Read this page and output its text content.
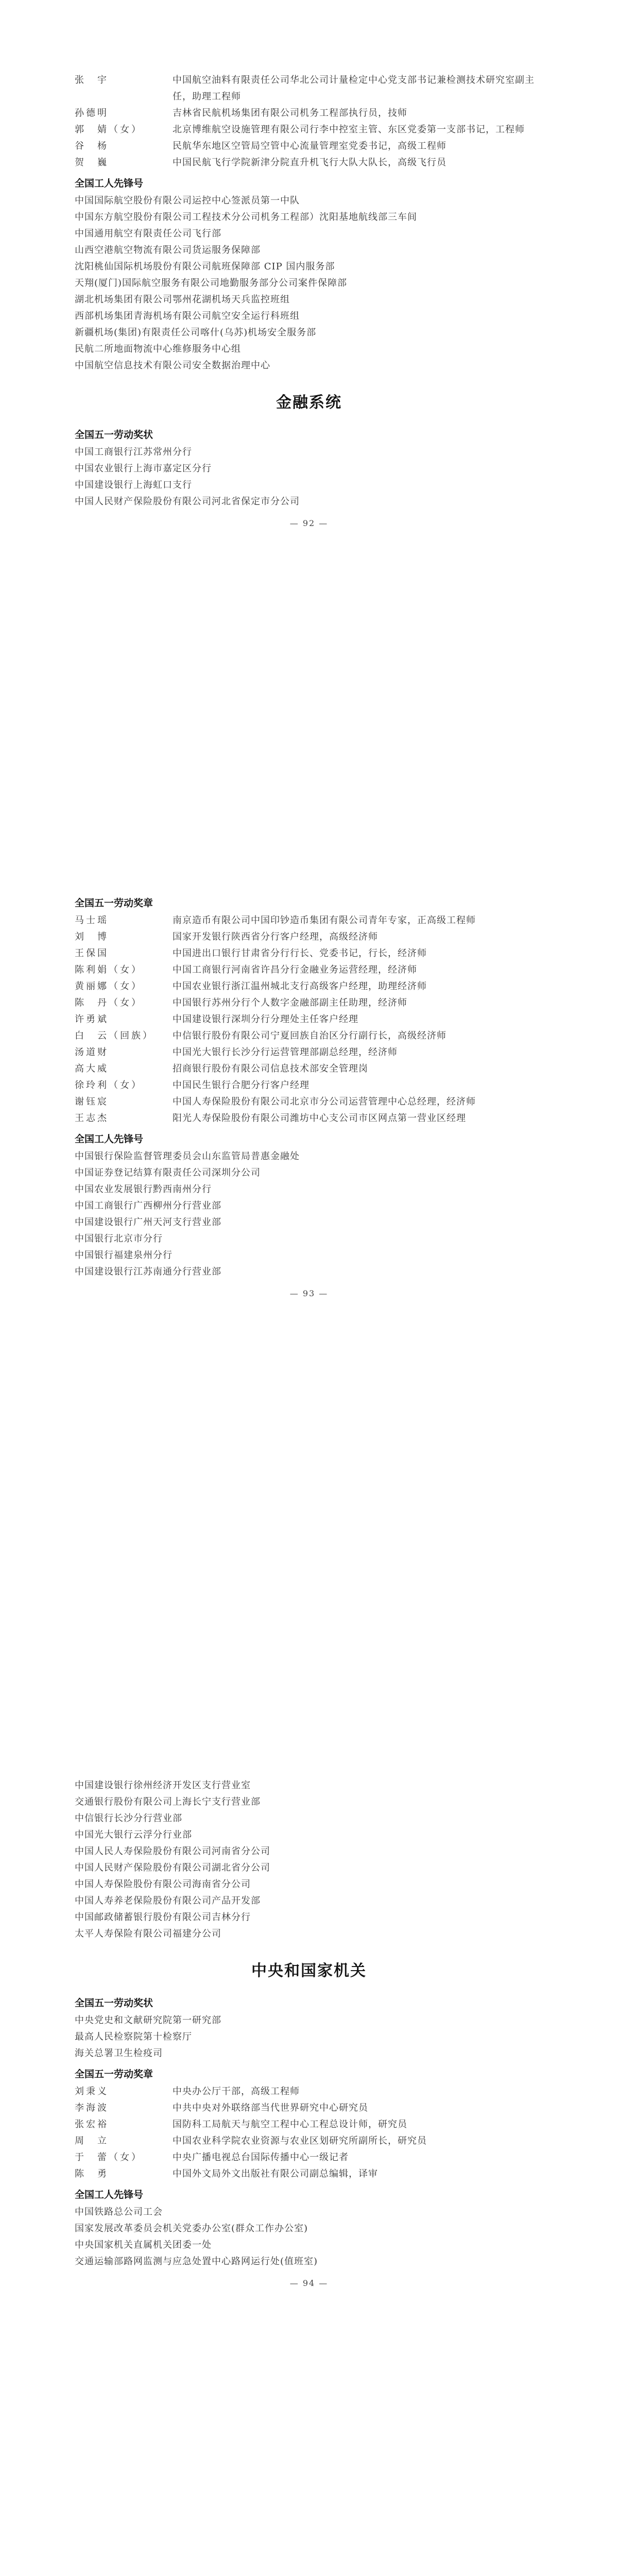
张　宇	中国航空油料有限责任公司华北公司计量检定中心党支部书记兼检测技术研究室副主任，助理工程师
孙德明	吉林省民航机场集团有限公司机务工程部执行员，技师
郭　婧（女）	北京博维航空设施管理有限公司行李中控室主管、东区党委第一支部书记，工程师
谷　杨	民航华东地区空管局空管中心流量管理室党委书记，高级工程师
贺　巍	中国民航飞行学院新津分院直升机飞行大队大队长，高级飞行员
全国工人先锋号
中国国际航空股份有限公司运控中心签派员第一中队
中国东方航空股份有限公司工程技术分公司机务工程部）沈阳基地航线部三车间
中国通用航空有限责任公司飞行部
山西空港航空物流有限公司货运服务保障部
沈阳桃仙国际机场股份有限公司航班保障部 CIP 国内服务部
天翔(厦门)国际航空服务有限公司地勤服务部分公司案件保障部
湖北机场集团有限公司鄂州花湖机场天兵监控班组
西部机场集团青海机场有限公司航空安全运行科班组
新疆机场(集团)有限责任公司喀什(乌苏)机场安全服务部
民航二所地面物流中心维修服务中心组
中国航空信息技术有限公司安全数据治理中心
金融系统
全国五一劳动奖状
中国工商银行江苏常州分行
中国农业银行上海市嘉定区分行
中国建设银行上海虹口支行
中国人民财产保险股份有限公司河北省保定市分公司
— 92 —
全国五一劳动奖章
马士瑶	南京造币有限公司中国印钞造币集团有限公司青年专家，正高级工程师
刘　博	国家开发银行陕西省分行客户经理，高级经济师
王保国	中国进出口银行甘肃省分行行长、党委书记，行长，经济师
陈利娟（女）	中国工商银行河南省许昌分行金融业务运营经理，经济师
黄丽娜（女）	中国农业银行浙江温州城北支行高级客户经理，助理经济师
陈　丹（女）	中国银行苏州分行个人数字金融部副主任助理，经济师
许勇斌	中国建设银行深圳分行分理处主任客户经理
白　云（回族）	中信银行股份有限公司宁夏回族自治区分行副行长，高级经济师
汤道财	中国光大银行长沙分行运营管理部副总经理，经济师
高大威	招商银行股份有限公司信息技术部安全管理岗
徐玲利（女）	中国民生银行合肥分行客户经理
谢钰宸	中国人寿保险股份有限公司北京市分公司运营管理中心总经理，经济师
王志杰	阳光人寿保险股份有限公司潍坊中心支公司市区网点第一营业区经理
全国工人先锋号
中国银行保险监督管理委员会山东监管局普惠金融处
中国证券登记结算有限责任公司深圳分公司
中国农业发展银行黔西南州分行
中国工商银行广西柳州分行营业部
中国建设银行广州天河支行营业部
中国银行北京市分行
中国银行福建泉州分行
中国建设银行江苏南通分行营业部
— 93 —
中国建设银行徐州经济开发区支行营业室
交通银行股份有限公司上海长宁支行营业部
中信银行长沙分行营业部
中国光大银行云浮分行业部
中国人民人寿保险股份有限公司河南省分公司
中国人民财产保险股份有限公司湖北省分公司
中国人寿保险股份有限公司海南省分公司
中国人寿养老保险股份有限公司产品开发部
中国邮政储蓄银行股份有限公司吉林分行
太平人寿保险有限公司福建分公司
中央和国家机关
全国五一劳动奖状
中央党史和文献研究院第一研究部
最高人民检察院第十检察厅
海关总署卫生检疫司
全国五一劳动奖章
刘秉义	中央办公厅干部，高级工程师
李海波	中共中央对外联络部当代世界研究中心研究员
张宏裕	国防科工局航天与航空工程中心工程总设计师，研究员
周　立	中国农业科学院农业资源与农业区划研究所副所长，研究员
于　蕾（女）	中央广播电视总台国际传播中心一级记者
陈　勇	中国外文局外文出版社有限公司副总编辑，译审
全国工人先锋号
中国铁路总公司工会
国家发展改革委员会机关党委办公室(群众工作办公室)
中央国家机关直属机关团委一处
交通运输部路网监测与应急处置中心路网运行处(值班室)
— 94 —
